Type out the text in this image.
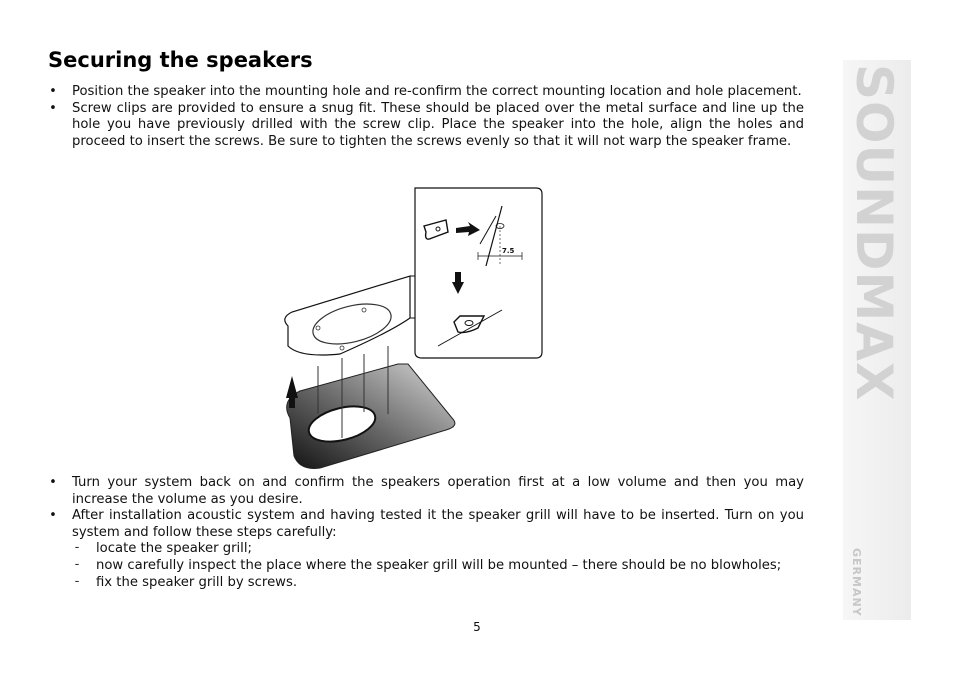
Securing the speakers
• Position the speaker into the mounting hole and re-confirm the correct mounting location and hole placement.
• Screw clips are provided to ensure a snug fit. These should be placed over the metal surface and line up the hole you have previously drilled with the screw clip. Place the speaker into the hole, align the holes and proceed to insert the screws. Be sure to tighten the screws evenly so that it will not warp the speaker frame.
7.5
• Turn your system back on and confirm the speakers operation first at a low volume and then you may increase the volume as you desire.
• After installation acoustic system and having tested it the speaker grill will have to be inserted. Turn on you system and follow these steps carefully:
- locate the speaker grill;
- now carefully inspect the place where the speaker grill will be mounted – there should be no blowholes;
- fix the speaker grill by screws.
5
SOUNDMAX
GERMANY
